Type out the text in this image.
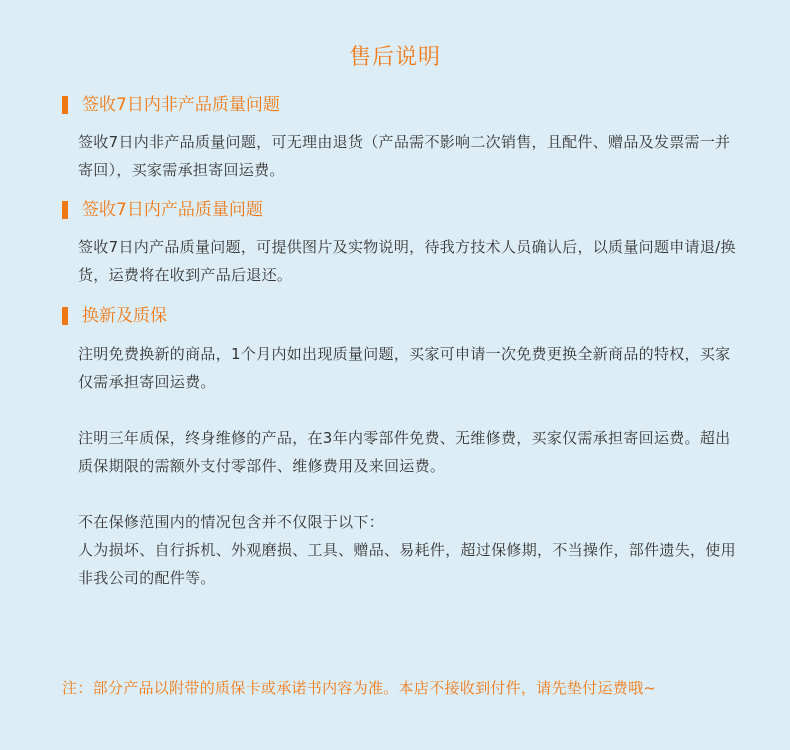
售后说明
签收7日内非产品质量问题
签收7日内非产品质量问题，可无理由退货（产品需不影响二次销售，且配件、赠品及发票需一并寄回），买家需承担寄回运费。
签收7日内产品质量问题
签收7日内产品质量问题，可提供图片及实物说明，待我方技术人员确认后，以质量问题申请退/换货，运费将在收到产品后退还。
换新及质保
注明免费换新的商品，1个月内如出现质量问题，买家可申请一次免费更换全新商品的特权，买家仅需承担寄回运费。
注明三年质保，终身维修的产品，在3年内零部件免费、无维修费，买家仅需承担寄回运费。超出质保期限的需额外支付零部件、维修费用及来回运费。
不在保修范围内的情况包含并不仅限于以下：
人为损坏、自行拆机、外观磨损、工具、赠品、易耗件，超过保修期，不当操作，部件遗失，使用非我公司的配件等。
注：部分产品以附带的质保卡或承诺书内容为准。本店不接收到付件，请先垫付运费哦~
